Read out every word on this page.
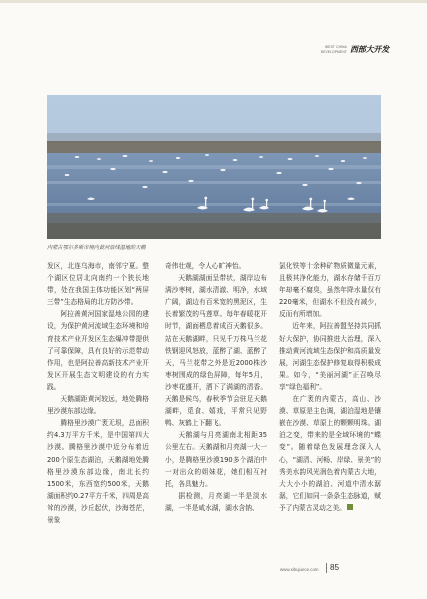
WEST CHINA
DEVELOPMENT 西部大开发
内蒙古鄂尔多斯市境内黄河沿线湿地的天鹅

发区，北连乌海市，南邻宁夏。整个湖区位居北向南约一个狭长地带，处在我国主体功能区划“两屏三带”生态格局的北方防沙带。

阿拉善黄河国家湿地公园的建设，为保护黄河流域生态环境和培育技术产业开发区生态爆冲带提供了可靠保障，具有良好的示范带动作用，也是阿拉善高新技术产业开发区开展生态文明建设的有力实践。

天鹅湖距黄河较远，地处腾格里沙漠东部边缘。

腾格里沙漠广袤无垠，总面积约4.3万平方千米，是中国第四大沙漠。腾格里沙漠中近分布着近200个原生态湖泊，天鹅湖地处腾格里沙漠东部边缘，南北长约1500米，东西宽约500米，天鹅湖面积约0.27平方千米，四周是高耸的沙漠，沙丘起伏，沙海苍茫，景象

奇伟壮观，令人心旷神怡。

天鹅湖湖面呈带状，湖岸边布满沙枣树，湖水清澈、明净，水域广阔，湖边有百米宽的黑泥区，生长着繁茂的马莲草。每年春暖花开时节，湖面栖息着成百天鹅很多。站在天鹅湖畔，只见千万株马兰花铁钢迎风怒放，蓝醉了湖、蓝醉了天，马兰花带之外是近2000株沙枣树围成的绿色屏障，每年5月，沙枣花盛开，洒下了满湖的清香。天鹅是候鸟，春秋季节会驻足天鹅湖畔，觅食、嬉戏，平常只见野鸭、灰鹤上下翻飞。

天鹅湖与月亮湖南北相距35公里左右。天鹅湖和月亮湖一大一小，是腾格里沙漠190多个湖泊中一对出众的姐妹花，她们相互衬托，各具魅力。

据检测，月亮湖一半是淡水湖，一半是咸水湖，湖水含钠、

氯化铁等十余种矿物质微量元素，且极其净化能力，湖水存储千百万年却毫不腐臭，虽然年降水量仅有220毫米，但湖水不但没有减少，反而有所增加。

近年来，阿拉善盟坚持共同抓好大保护，协同推进大治理，深入推动黄河流域生态保护和高质量发展，河湖生态保护修复取得积极成果。如今，“美丽河湖”正召唤尽享“绿色福利”。

在广袤的内蒙古，高山、沙漠、草原是主色调，湖泊湿地是镶嵌在沙漠、草原上的颗颗明珠。湖泊之变，带来的是全域环境的“蝶变”。随着绿色发展理念深入人心，“湖清、河畅、岸绿、景美”的秀美水韵风光润色着内蒙古大地，大大小小的湖泊、河道中清水潺潺，它们如同一条条生态脉道，赋予了内蒙古灵动之美。

www.xibujuece.com 85
